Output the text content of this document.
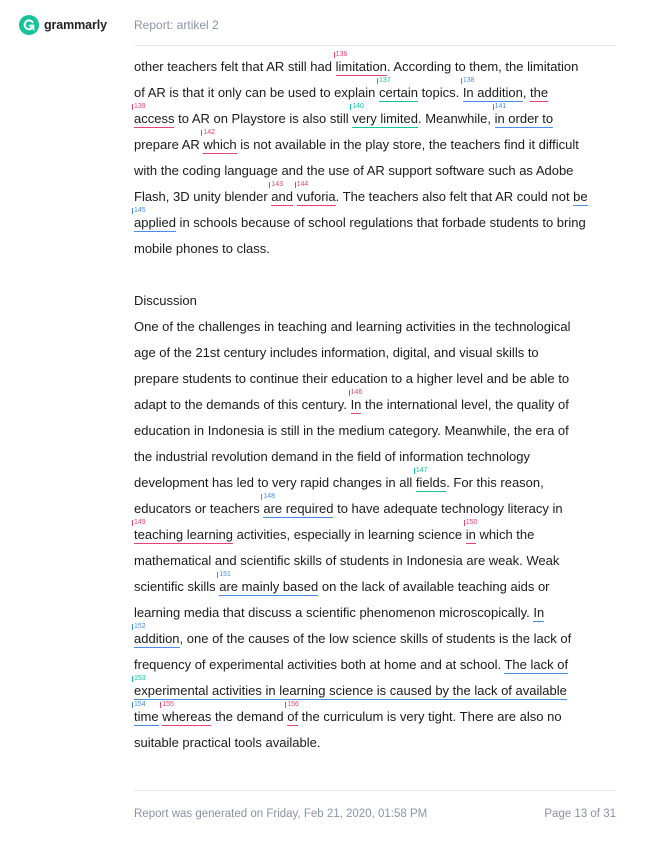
grammarly Report: artikel 2

other teachers felt that AR still had limitation
136
. According to them, the limitation

of AR is that it only can be used to explain certain
137
topics. In addition
138
, the

access
139
to AR on Playstore is also still very limited
140
. Meanwhile, in order to
141

prepare AR which
142
is not available in the play store, the teachers find it difficult

with the coding language and the use of AR support software such as Adobe

Flash, 3D unity blender and
143
vuforia
144
. The teachers also felt that AR could not be

applied
145
in schools because of school regulations that forbade students to bring

mobile phones to class.

Discussion

One of the challenges in teaching and learning activities in the technological

age of the 21st century includes information, digital, and visual skills to

prepare students to continue their education to a higher level and be able to

adapt to the demands of this century. In
146
the international level, the quality of

education in Indonesia is still in the medium category. Meanwhile, the era of

the industrial revolution demand in the field of information technology

development has led to very rapid changes in all fields
147
. For this reason,

educators or teachers are required
148
to have adequate technology literacy in

teaching learning
149
activities, especially in learning science in
150
which the

mathematical and scientific skills of students in Indonesia are weak. Weak

scientific skills are mainly based
151
on the lack of available teaching aids or

learning media that discuss a scientific phenomenon microscopically. In

addition
152
, one of the causes of the low science skills of students is the lack of

frequency of experimental activities both at home and at school. The lack of

experimental activities in learning science is caused by the lack of available
153

time
154
whereas
155
the demand of
156
the curriculum is very tight. There are also no

suitable practical tools available.

Report was generated on Friday, Feb 21, 2020, 01:58 PM	Page 13 of 31
